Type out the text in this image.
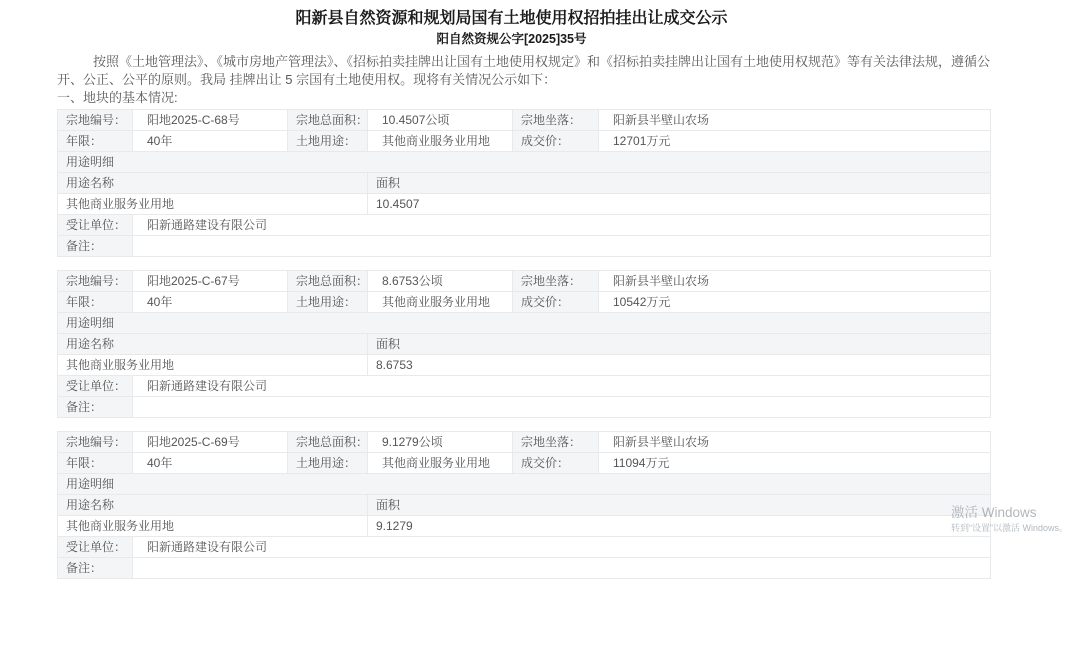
阳新县自然资源和规划局国有土地使用权招拍挂出让成交公示
阳自然资规公字[2025]35号
按照《土地管理法》、《城市房地产管理法》、《招标拍卖挂牌出让国有土地使用权规定》和《招标拍卖挂牌出让国有土地使用权规范》等有关法律法规，遵循公开、公正、公平的原则。我局 挂牌出让 5 宗国有土地使用权。现将有关情况公示如下：
一、地块的基本情况:
宗地编号：	阳地2025-C-68号	宗地总面积：	10.4507公顷	宗地坐落：	阳新县半壁山农场
年限：	40年	土地用途：	其他商业服务业用地	成交价：	12701万元
用途明细					
用途名称			面积		
其他商业服务业用地			10.4507		
受让单位：	阳新通路建设有限公司				
备注：					
宗地编号：	阳地2025-C-67号	宗地总面积：	8.6753公顷	宗地坐落：	阳新县半壁山农场
年限：	40年	土地用途：	其他商业服务业用地	成交价：	10542万元
用途明细					
用途名称			面积		
其他商业服务业用地			8.6753		
受让单位：	阳新通路建设有限公司				
备注：					
宗地编号：	阳地2025-C-69号	宗地总面积：	9.1279公顷	宗地坐落：	阳新县半壁山农场
年限：	40年	土地用途：	其他商业服务业用地	成交价：	11094万元
用途明细					
用途名称			面积		
其他商业服务业用地			9.1279		
受让单位：	阳新通路建设有限公司				
备注：					
激活 Windows
转到“设置”以激活 Windows。
